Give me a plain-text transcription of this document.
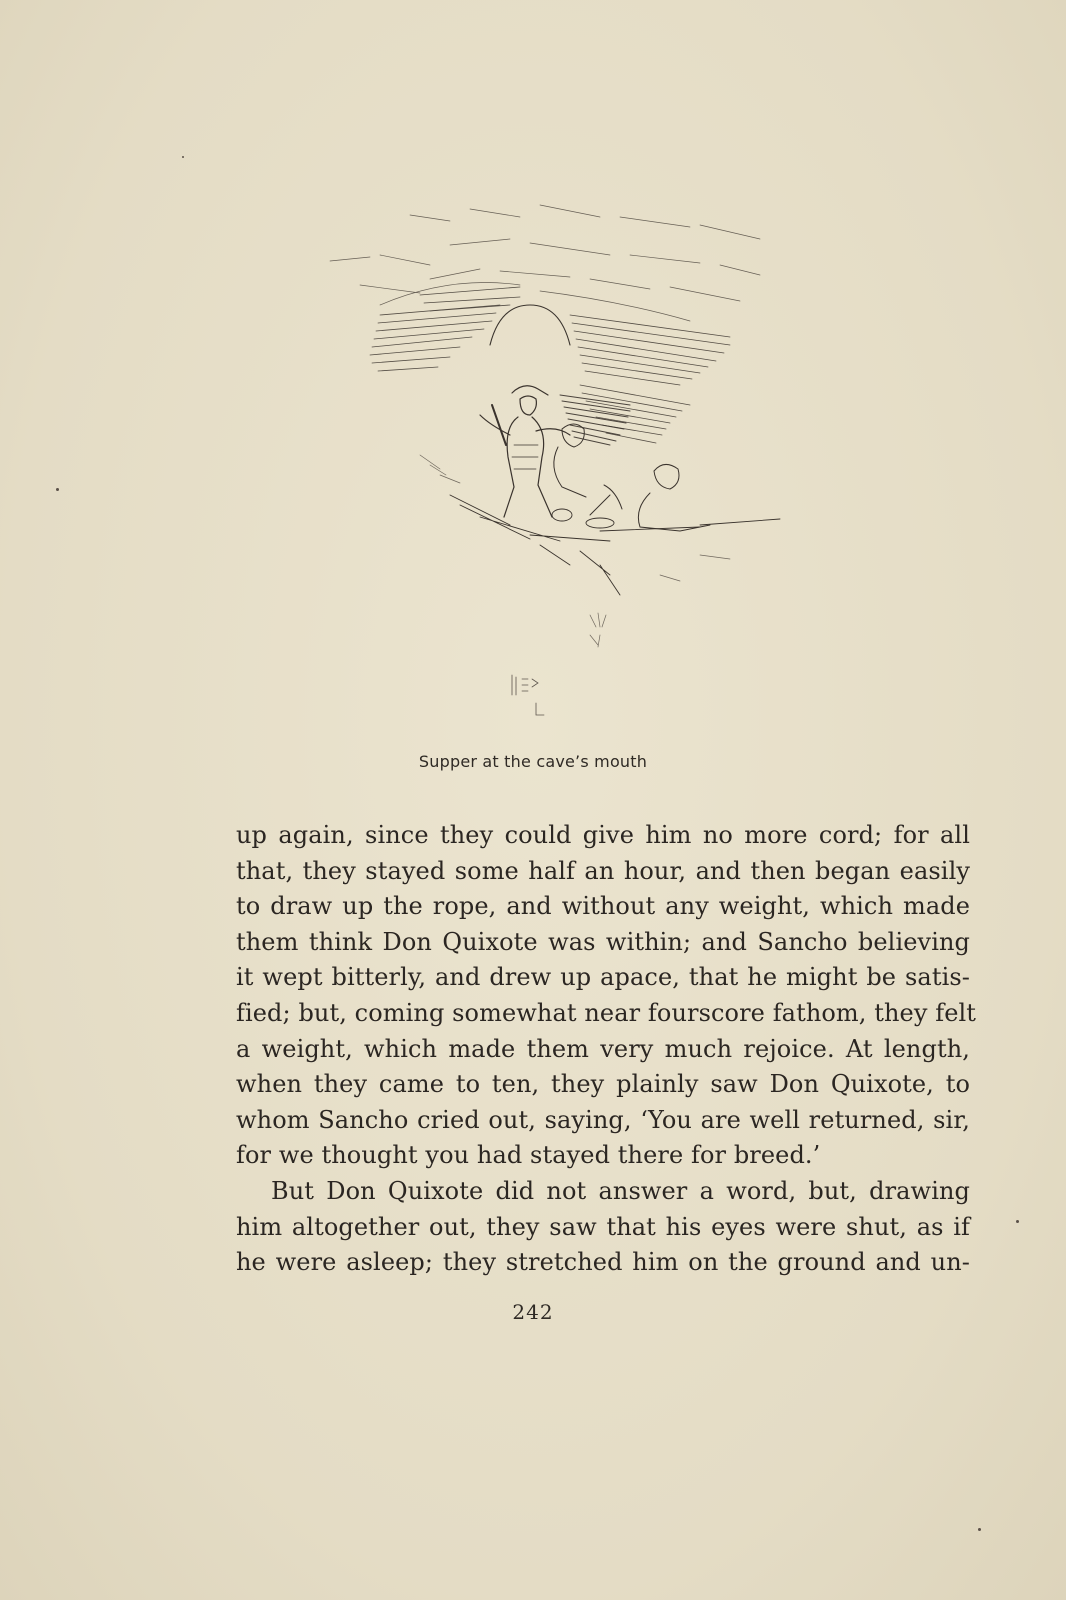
Supper at the cave’s mouth
up again, since they could give him no more cord; for all
that, they stayed some half an hour, and then began easily
to draw up the rope, and without any weight, which made
them think Don Quixote was within; and Sancho believing
it wept bitterly, and drew up apace, that he might be satis-
fied; but, coming somewhat near fourscore fathom, they felt
a weight, which made them very much rejoice. At length,
when they came to ten, they plainly saw Don Quixote, to
whom Sancho cried out, saying, ‘You are well returned, sir,
for we thought you had stayed there for breed.’
But Don Quixote did not answer a word, but, drawing
him altogether out, they saw that his eyes were shut, as if
he were asleep; they stretched him on the ground and un-
242
